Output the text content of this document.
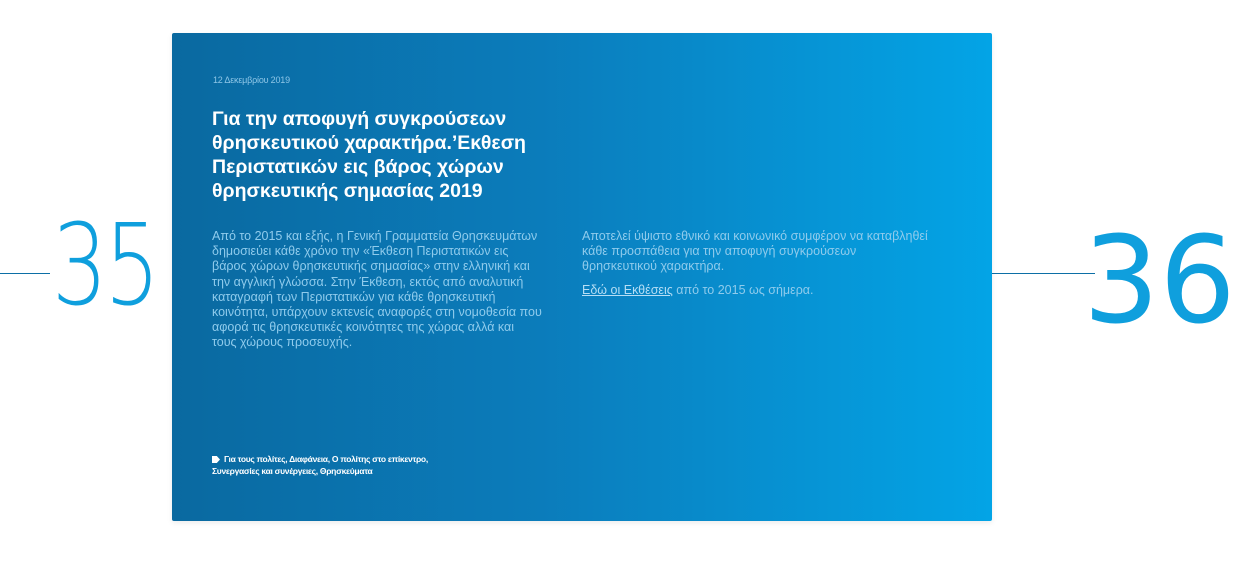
35	36
12 Δεκεμβρίου 2019
Για την αποφυγή συγκρούσεων θρησκευτικού χαρακτήρα.’Εκθεση Περιστατικών εις βάρος χώρων θρησκευτικής σημασίας 2019
Από το 2015 και εξής, η Γενική Γραμματεία Θρησκευμάτων δημοσιεύει κάθε χρόνο την «Έκθεση Περιστατικών εις βάρος χώρων θρησκευτικής σημασίας» στην ελληνική και την αγγλική γλώσσα. Στην Έκθεση, εκτός από αναλυτική καταγραφή των Περιστατικών για κάθε θρησκευτική κοινότητα, υπάρχουν εκτενείς αναφορές στη νομοθεσία που αφορά τις θρησκευτικές κοινότητες της χώρας αλλά και τους χώρους προσευχής.

Αποτελεί ύψιστο εθνικό και κοινωνικό συμφέρον να καταβληθεί κάθε προσπάθεια για την αποφυγή συγκρούσεων θρησκευτικού χαρακτήρα.

Εδώ οι Εκθέσεις από το 2015 ως σήμερα.

Για τους πολίτες, Διαφάνεια, Ο πολίτης στο επίκεντρο,
Συνεργασίες και συνέργειες, Θρησκεύματα
